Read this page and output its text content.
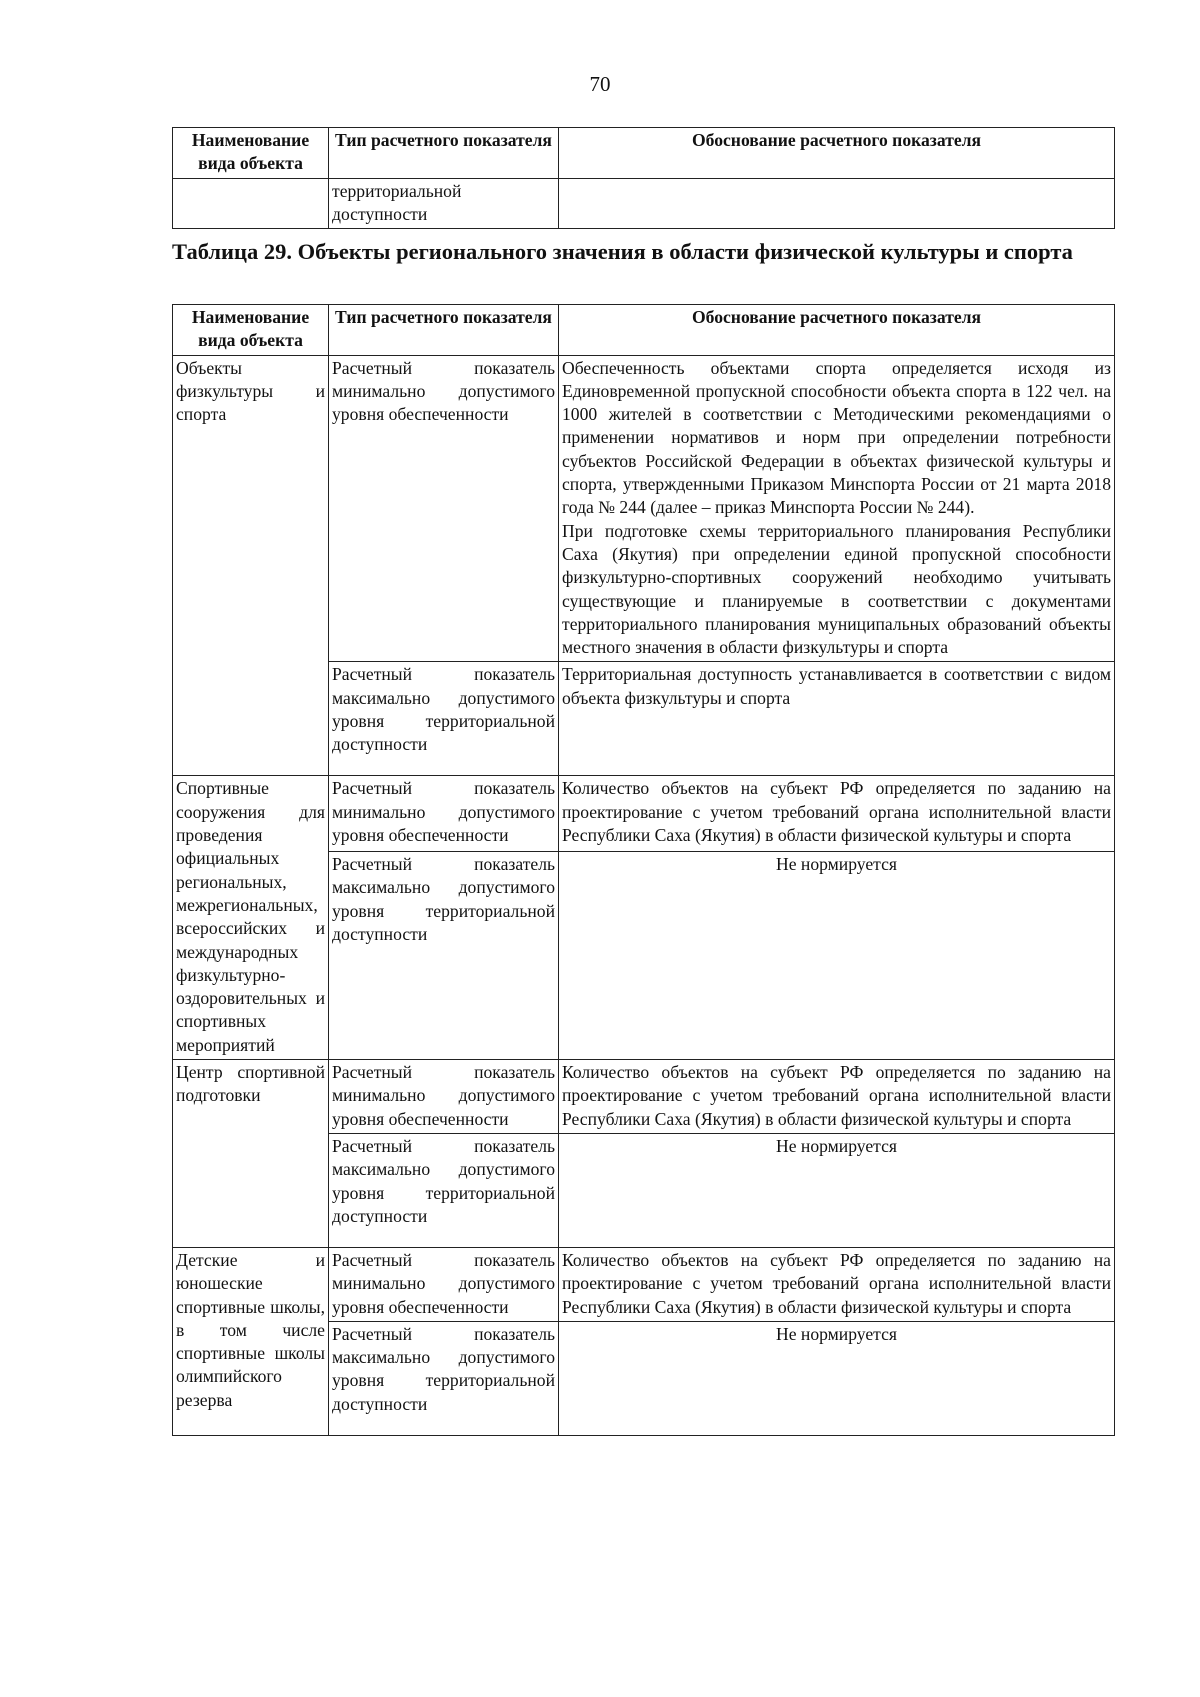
70
Наименование вида объекта	Тип расчетного показателя	Обоснование расчетного показателя
	территориальной доступности	
Таблица 29. Объекты регионального значения в области физической культуры и спорта
Наименование вида объекта	Тип расчетного показателя	Обоснование расчетного показателя
Объекты физкультуры и спорта	Расчетный показатель минимально допустимого уровня обеспеченности	Обеспеченность объектами спорта определяется исходя из Единовременной пропускной способности объекта спорта в 122 чел. на 1000 жителей в соответствии с Методическими рекомендациями о применении нормативов и норм при определении потребности субъектов Российской Федерации в объектах физической культуры и спорта, утвержденными Приказом Минспорта России от 21 марта 2018 года № 244 (далее – приказ Минспорта России № 244).
При подготовке схемы территориального планирования Республики Саха (Якутия) при определении единой пропускной способности физкультурно-спортивных сооружений необходимо учитывать существующие и планируемые в соответствии с документами территориального планирования муниципальных образований объекты местного значения в области физкультуры и спорта

	Расчетный показатель максимально допустимого уровня территориальной доступности	Территориальная доступность устанавливается в соответствии с видом объекта физкультуры и спорта
Спортивные сооружения для проведения официальных региональных, межрегиональных, всероссийских и международных физкультурно-оздоровительных и спортивных мероприятий	Расчетный показатель минимально допустимого уровня обеспеченности	Количество объектов на субъект РФ определяется по заданию на проектирование с учетом требований органа исполнительной власти Республики Саха (Якутия) в области физической культуры и спорта
	Расчетный показатель максимально допустимого уровня территориальной доступности	Не нормируется
Центр спортивной подготовки	Расчетный показатель минимально допустимого уровня обеспеченности	Количество объектов на субъект РФ определяется по заданию на проектирование с учетом требований органа исполнительной власти Республики Саха (Якутия) в области физической культуры и спорта
	Расчетный показатель максимально допустимого уровня территориальной доступности	Не нормируется
Детские и юношеские спортивные школы, в том числе спортивные школы олимпийского резерва	Расчетный показатель минимально допустимого уровня обеспеченности	Количество объектов на субъект РФ определяется по заданию на проектирование с учетом требований органа исполнительной власти Республики Саха (Якутия) в области физической культуры и спорта
	Расчетный показатель максимально допустимого уровня территориальной доступности	Не нормируется
